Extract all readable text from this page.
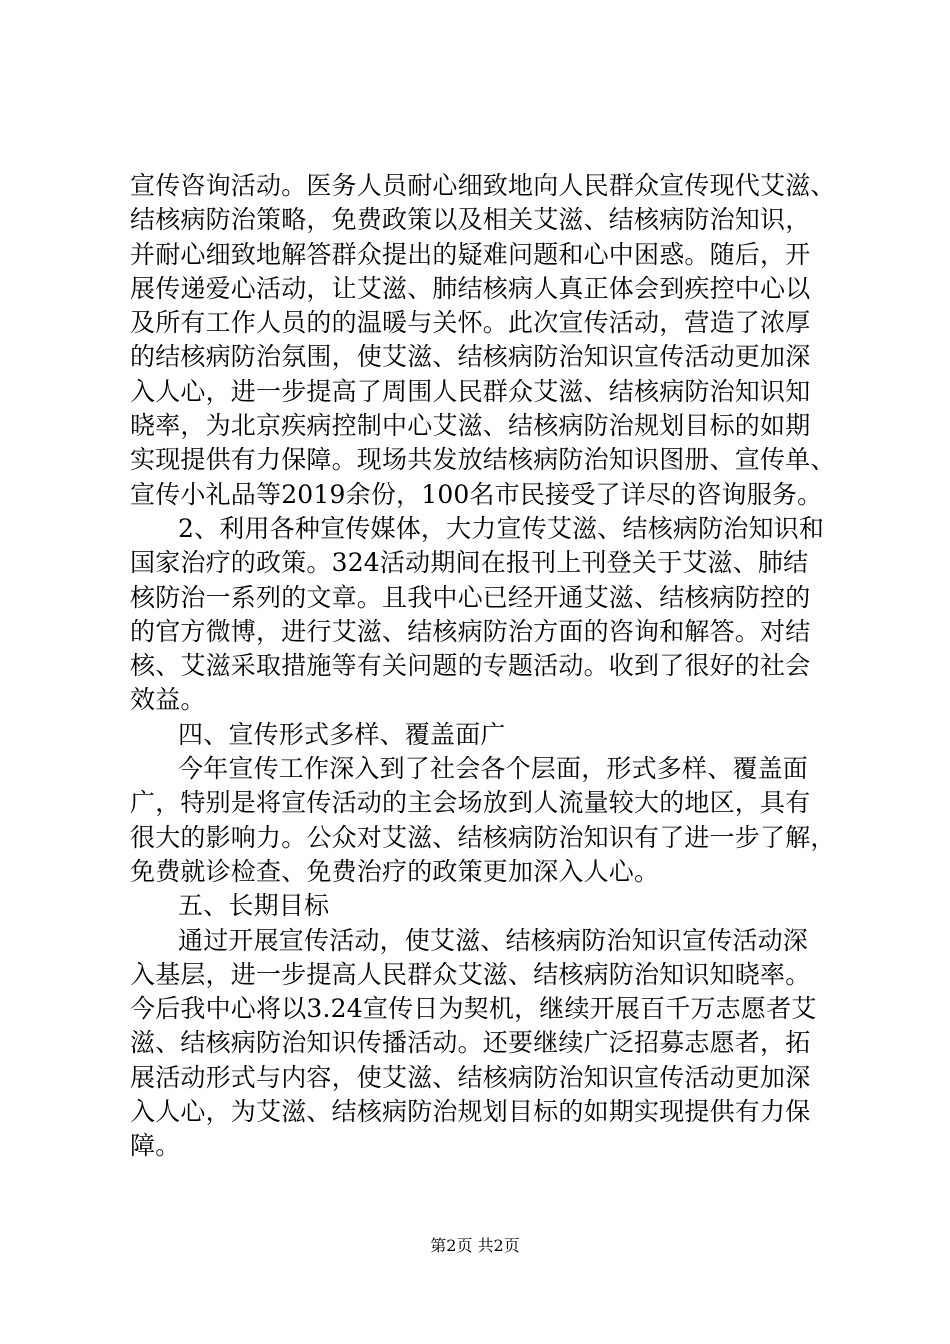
宣传咨询活动。医务人员耐心细致地向人民群众宣传现代艾滋、
结核病防治策略，免费政策以及相关艾滋、结核病防治知识，
并耐心细致地解答群众提出的疑难问题和心中困惑。随后，开
展传递爱心活动，让艾滋、肺结核病人真正体会到疾控中心以
及所有工作人员的的温暖与关怀。此次宣传活动，营造了浓厚
的结核病防治氛围，使艾滋、结核病防治知识宣传活动更加深
入人心，进一步提高了周围人民群众艾滋、结核病防治知识知
晓率，为北京疾病控制中心艾滋、结核病防治规划目标的如期
实现提供有力保障。现场共发放结核病防治知识图册、宣传单、
宣传小礼品等2019余份，100名市民接受了详尽的咨询服务。
2、利用各种宣传媒体，大力宣传艾滋、结核病防治知识和
国家治疗的政策。324活动期间在报刊上刊登关于艾滋、肺结
核防治一系列的文章。且我中心已经开通艾滋、结核病防控的
的官方微博，进行艾滋、结核病防治方面的咨询和解答。对结
核、艾滋采取措施等有关问题的专题活动。收到了很好的社会
效益。
四、宣传形式多样、覆盖面广
今年宣传工作深入到了社会各个层面，形式多样、覆盖面
广，特别是将宣传活动的主会场放到人流量较大的地区，具有
很大的影响力。公众对艾滋、结核病防治知识有了进一步了解，
免费就诊检查、免费治疗的政策更加深入人心。
五、长期目标
通过开展宣传活动，使艾滋、结核病防治知识宣传活动深
入基层，进一步提高人民群众艾滋、结核病防治知识知晓率。
今后我中心将以3.24宣传日为契机，继续开展百千万志愿者艾
滋、结核病防治知识传播活动。还要继续广泛招募志愿者，拓
展活动形式与内容，使艾滋、结核病防治知识宣传活动更加深
入人心，为艾滋、结核病防治规划目标的如期实现提供有力保
障。
第2页 共2页
